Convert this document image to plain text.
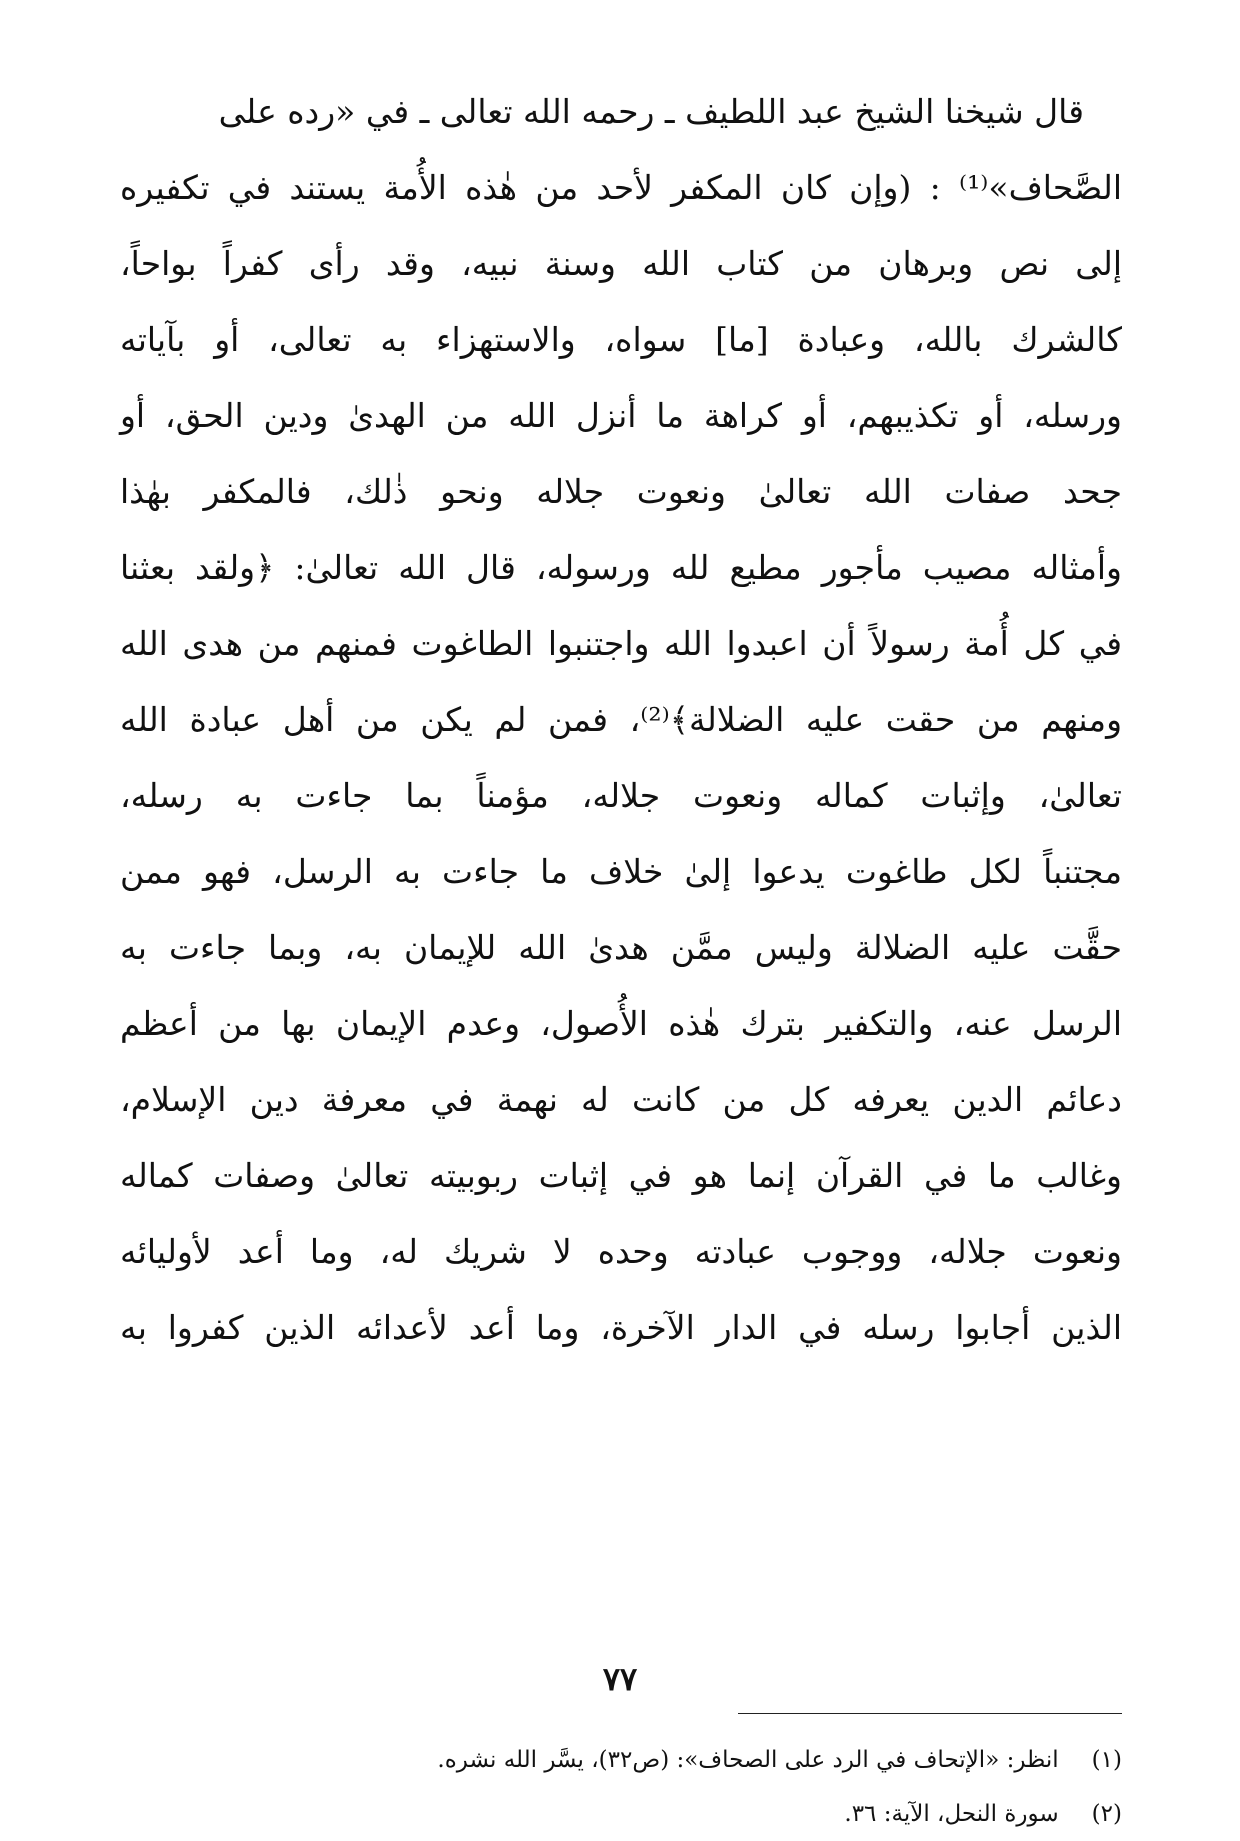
قال شيخنا الشيخ عبد اللطيف ـ رحمه الله تعالى ـ في «رده على
الصَّحاف»⁽¹⁾ : (وإن كان المكفر لأحد من هٰذه الأُمة يستند في تكفيره
إلى نص وبرهان من كتاب الله وسنة نبيه، وقد رأى كفراً بواحاً،
كالشرك بالله، وعبادة [ما] سواه، والاستهزاء به تعالى، أو بآياته
ورسله، أو تكذيبهم، أو كراهة ما أنزل الله من الهدىٰ ودين الحق، أو
جحد صفات الله تعالىٰ ونعوت جلاله ونحو ذٰلك، فالمكفر بهٰذا
وأمثاله مصيب مأجور مطيع لله ورسوله، قال الله تعالىٰ: ﴿ولقد بعثنا
في كل أُمة رسولاً أن اعبدوا الله واجتنبوا الطاغوت فمنهم من هدى الله
ومنهم من حقت عليه الضلالة﴾⁽²⁾، فمن لم يكن من أهل عبادة الله
تعالىٰ، وإثبات كماله ونعوت جلاله، مؤمناً بما جاءت به رسله،
مجتنباً لكل طاغوت يدعوا إلىٰ خلاف ما جاءت به الرسل، فهو ممن
حقَّت عليه الضلالة وليس ممَّن هدىٰ الله للإيمان به، وبما جاءت به
الرسل عنه، والتكفير بترك هٰذه الأُصول، وعدم الإيمان بها من أعظم
دعائم الدين يعرفه كل من كانت له نهمة في معرفة دين الإسلام،
وغالب ما في القرآن إنما هو في إثبات ربوبيته تعالىٰ وصفات كماله
ونعوت جلاله، ووجوب عبادته وحده لا شريك له، وما أعد لأوليائه
الذين أجابوا رسله في الدار الآخرة، وما أعد لأعدائه الذين كفروا به
(١) انظر: «الإتحاف في الرد على الصحاف»: (ص٣٢)، يسَّر الله نشره.
(٢) سورة النحل، الآية: ٣٦.
٧٧
